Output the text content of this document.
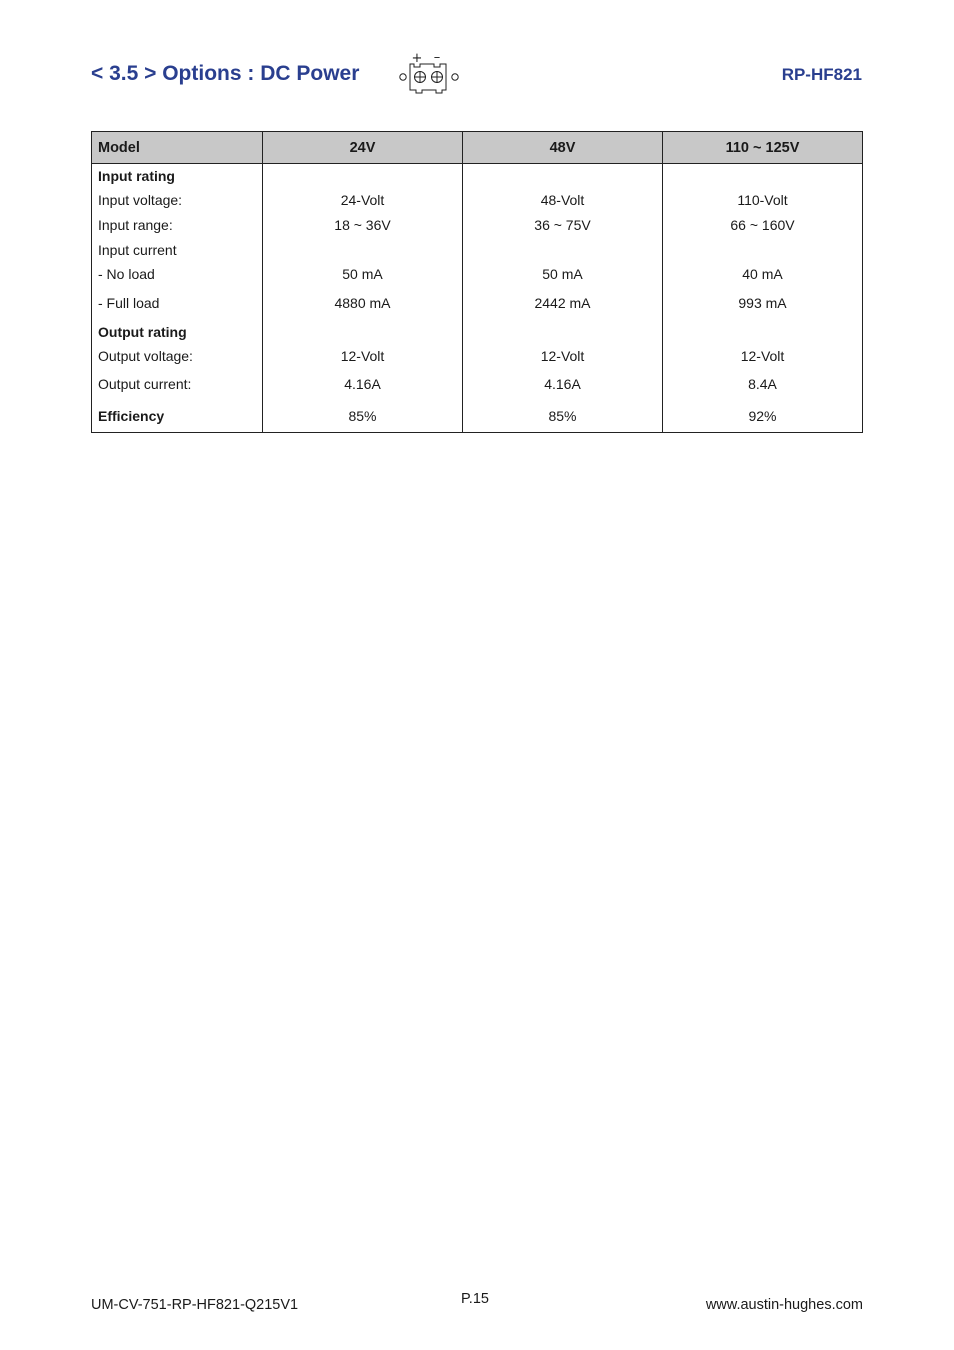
< 3.5 > Options : DC Power
+ –
RP-HF821
Model	24V	48V	110 ~ 125V
Input rating			
Input voltage:	24-Volt	48-Volt	110-Volt
Input range:	18 ~ 36V	36 ~ 75V	66 ~ 160V
Input current			
- No load	50 mA	50 mA	40 mA
- Full load	4880 mA	2442 mA	993 mA
Output rating			
Output voltage:	12-Volt	12-Volt	12-Volt
Output current:	4.16A	4.16A	8.4A
Efficiency	85%	85%	92%
UM-CV-751-RP-HF821-Q215V1	P.15	www.austin-hughes.com
